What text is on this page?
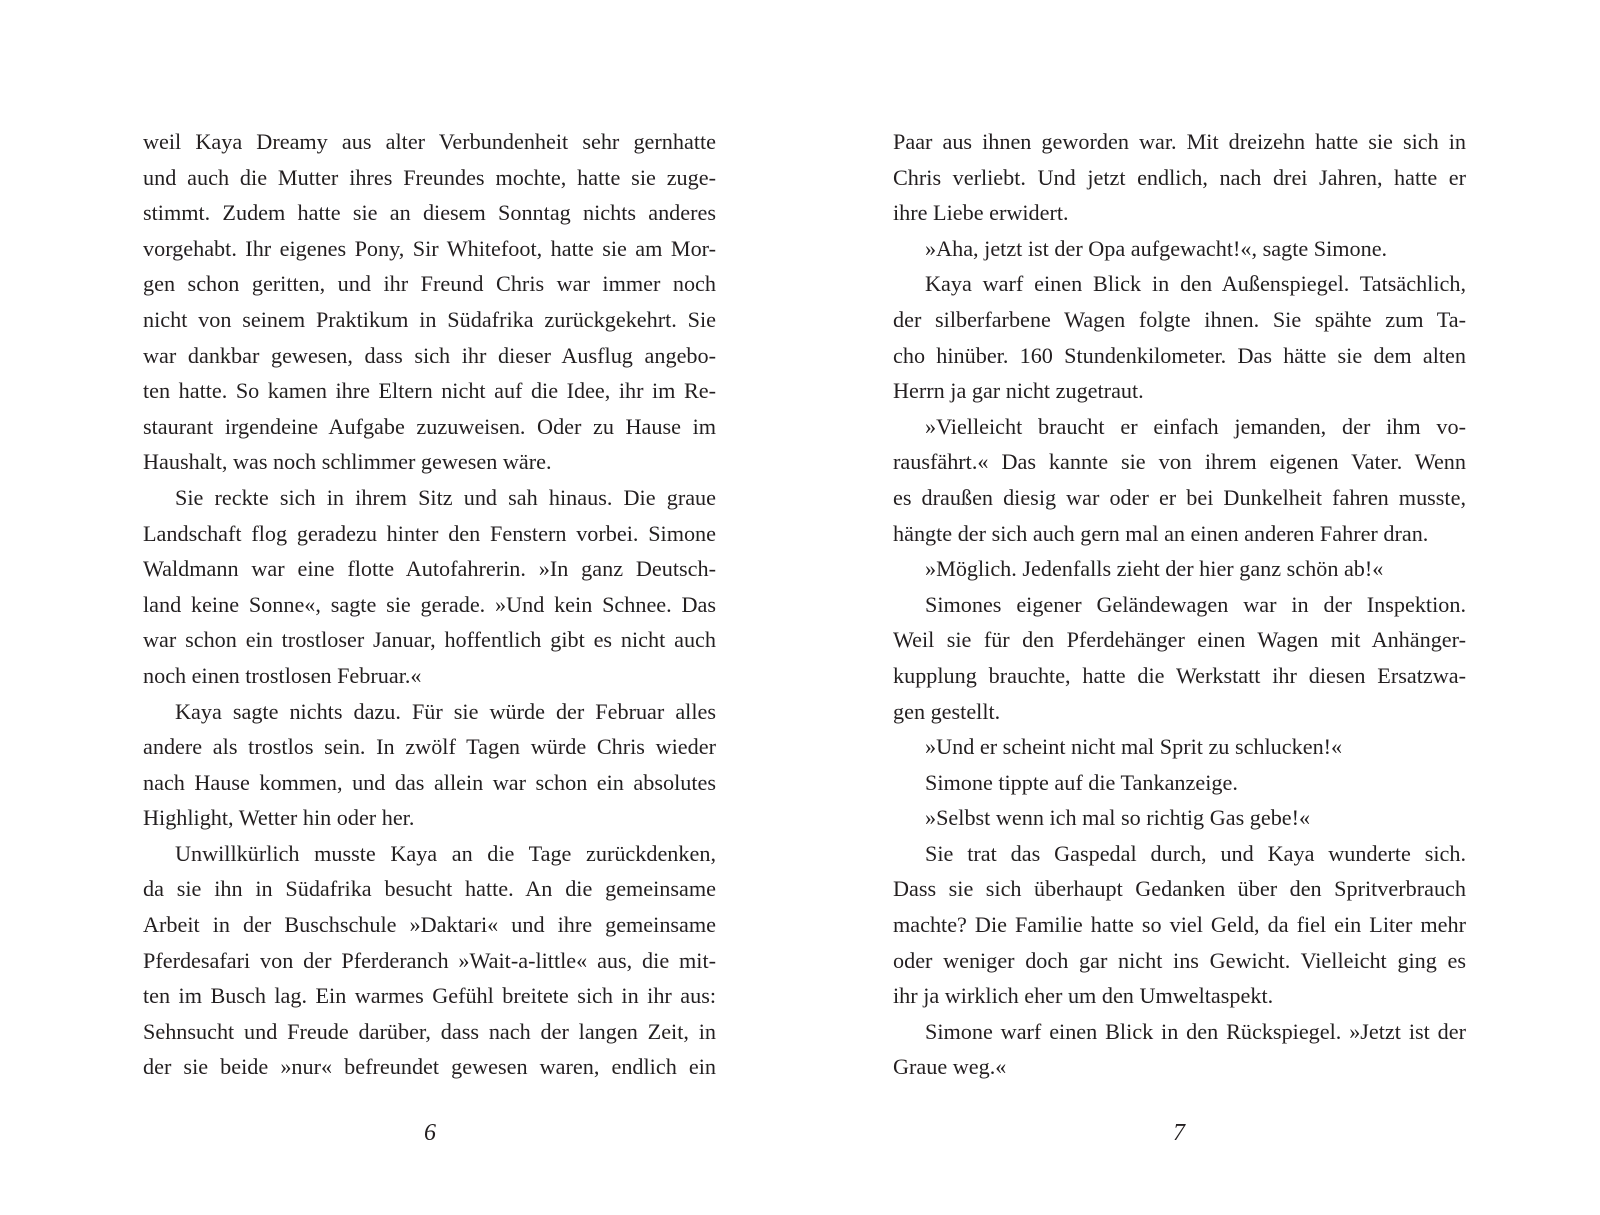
weil Kaya Dreamy aus alter Verbundenheit sehr gernhatte
und auch die Mutter ihres Freundes mochte, hatte sie zuge-
stimmt. Zudem hatte sie an diesem Sonntag nichts anderes
vorgehabt. Ihr eigenes Pony, Sir Whitefoot, hatte sie am Mor-
gen schon geritten, und ihr Freund Chris war immer noch
nicht von seinem Praktikum in Südafrika zurückgekehrt. Sie
war dankbar gewesen, dass sich ihr dieser Ausflug angebo-
ten hatte. So kamen ihre Eltern nicht auf die Idee, ihr im Re-
staurant irgendeine Aufgabe zuzuweisen. Oder zu Hause im
Haushalt, was noch schlimmer gewesen wäre.
Sie reckte sich in ihrem Sitz und sah hinaus. Die graue
Landschaft flog geradezu hinter den Fenstern vorbei. Simone
Waldmann war eine flotte Autofahrerin. »In ganz Deutsch-
land keine Sonne«, sagte sie gerade. »Und kein Schnee. Das
war schon ein trostloser Januar, hoffentlich gibt es nicht auch
noch einen trostlosen Februar.«
Kaya sagte nichts dazu. Für sie würde der Februar alles
andere als trostlos sein. In zwölf Tagen würde Chris wieder
nach Hause kommen, und das allein war schon ein absolutes
Highlight, Wetter hin oder her.
Unwillkürlich musste Kaya an die Tage zurückdenken,
da sie ihn in Südafrika besucht hatte. An die gemeinsame
Arbeit in der Buschschule »Daktari« und ihre gemeinsame
Pferdesafari von der Pferderanch »Wait-a-little« aus, die mit-
ten im Busch lag. Ein warmes Gefühl breitete sich in ihr aus:
Sehnsucht und Freude darüber, dass nach der langen Zeit, in
der sie beide »nur« befreundet gewesen waren, endlich ein
6
Paar aus ihnen geworden war. Mit dreizehn hatte sie sich in
Chris verliebt. Und jetzt endlich, nach drei Jahren, hatte er
ihre Liebe erwidert.
»Aha, jetzt ist der Opa aufgewacht!«, sagte Simone.
Kaya warf einen Blick in den Außenspiegel. Tatsächlich,
der silberfarbene Wagen folgte ihnen. Sie spähte zum Ta-
cho hinüber. 160 Stundenkilometer. Das hätte sie dem alten
Herrn ja gar nicht zugetraut.
»Vielleicht braucht er einfach jemanden, der ihm vo-
rausfährt.« Das kannte sie von ihrem eigenen Vater. Wenn
es draußen diesig war oder er bei Dunkelheit fahren musste,
hängte der sich auch gern mal an einen anderen Fahrer dran.
»Möglich. Jedenfalls zieht der hier ganz schön ab!«
Simones eigener Geländewagen war in der Inspektion.
Weil sie für den Pferdehänger einen Wagen mit Anhänger-
kupplung brauchte, hatte die Werkstatt ihr diesen Ersatzwa-
gen gestellt.
»Und er scheint nicht mal Sprit zu schlucken!«
Simone tippte auf die Tankanzeige.
»Selbst wenn ich mal so richtig Gas gebe!«
Sie trat das Gaspedal durch, und Kaya wunderte sich.
Dass sie sich überhaupt Gedanken über den Spritverbrauch
machte? Die Familie hatte so viel Geld, da fiel ein Liter mehr
oder weniger doch gar nicht ins Gewicht. Vielleicht ging es
ihr ja wirklich eher um den Umweltaspekt.
Simone warf einen Blick in den Rückspiegel. »Jetzt ist der
Graue weg.«
7
